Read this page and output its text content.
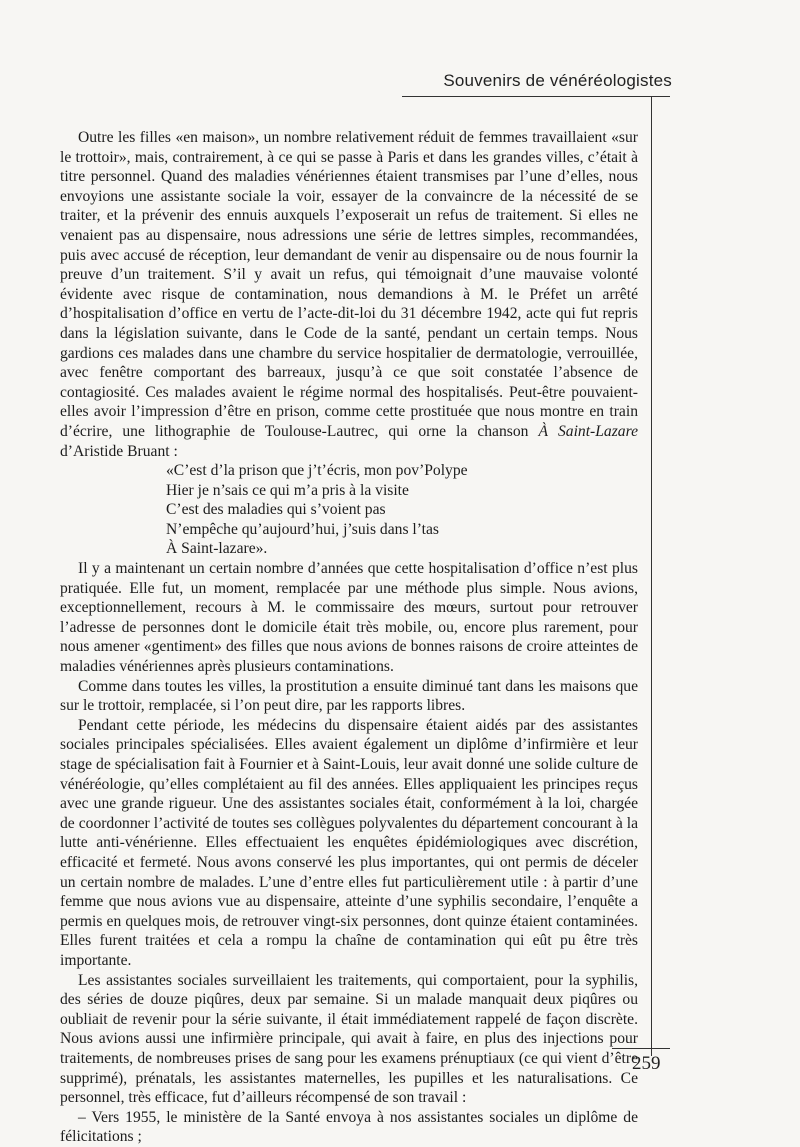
Souvenirs de vénéréologistes

Outre les filles «en maison», un nombre relativement réduit de femmes travaillaient «sur le trottoir», mais, contrairement, à ce qui se passe à Paris et dans les grandes villes, c’était à titre personnel. Quand des maladies vénériennes étaient transmises par l’une d’elles, nous envoyions une assistante sociale la voir, essayer de la convaincre de la nécessité de se traiter, et la prévenir des ennuis auxquels l’exposerait un refus de traitement. Si elles ne venaient pas au dispensaire, nous adressions une série de lettres simples, recommandées, puis avec accusé de réception, leur demandant de venir au dispensaire ou de nous fournir la preuve d’un traitement. S’il y avait un refus, qui témoignait d’une mauvaise volonté évidente avec risque de contamination, nous demandions à M. le Préfet un arrêté d’hospitalisation d’office en vertu de l’acte-dit-loi du 31 décembre 1942, acte qui fut repris dans la législation suivante, dans le Code de la santé, pendant un certain temps. Nous gardions ces malades dans une chambre du service hospitalier de dermatologie, verrouillée, avec fenêtre comportant des barreaux, jusqu’à ce que soit constatée l’absence de contagiosité. Ces malades avaient le régime normal des hospitalisés. Peut-être pouvaient-elles avoir l’impression d’être en prison, comme cette prostituée que nous montre en train d’écrire, une lithographie de Toulouse-Lautrec, qui orne la chanson À Saint-Lazare d’Aristide Bruant :

«C’est d’la prison que j’t’écris, mon pov’Polype
Hier je n’sais ce qui m’a pris à la visite
C’est des maladies qui s’voient pas
N’empêche qu’aujourd’hui, j’suis dans l’tas
À Saint-lazare».

Il y a maintenant un certain nombre d’années que cette hospitalisation d’office n’est plus pratiquée. Elle fut, un moment, remplacée par une méthode plus simple. Nous avions, exceptionnellement, recours à M. le commissaire des mœurs, surtout pour retrouver l’adresse de personnes dont le domicile était très mobile, ou, encore plus rarement, pour nous amener «gentiment» des filles que nous avions de bonnes raisons de croire atteintes de maladies vénériennes après plusieurs contaminations.

Comme dans toutes les villes, la prostitution a ensuite diminué tant dans les maisons que sur le trottoir, remplacée, si l’on peut dire, par les rapports libres.

Pendant cette période, les médecins du dispensaire étaient aidés par des assistantes sociales principales spécialisées. Elles avaient également un diplôme d’infirmière et leur stage de spécialisation fait à Fournier et à Saint-Louis, leur avait donné une solide culture de vénéréologie, qu’elles complétaient au fil des années. Elles appliquaient les principes reçus avec une grande rigueur. Une des assistantes sociales était, conformément à la loi, chargée de coordonner l’activité de toutes ses collègues polyvalentes du département concourant à la lutte anti-vénérienne. Elles effectuaient les enquêtes épidémiologiques avec discrétion, efficacité et fermeté. Nous avons conservé les plus importantes, qui ont permis de déceler un certain nombre de malades. L’une d’entre elles fut particulièrement utile : à partir d’une femme que nous avions vue au dispensaire, atteinte d’une syphilis secondaire, l’enquête a permis en quelques mois, de retrouver vingt-six personnes, dont quinze étaient contaminées. Elles furent traitées et cela a rompu la chaîne de contamination qui eût pu être très importante.

Les assistantes sociales surveillaient les traitements, qui comportaient, pour la syphilis, des séries de douze piqûres, deux par semaine. Si un malade manquait deux piqûres ou oubliait de revenir pour la série suivante, il était immédiatement rappelé de façon discrète. Nous avions aussi une infirmière principale, qui avait à faire, en plus des injections pour traitements, de nombreuses prises de sang pour les examens prénuptiaux (ce qui vient d’être supprimé), prénatals, les assistantes maternelles, les pupilles et les naturalisations. Ce personnel, très efficace, fut d’ailleurs récompensé de son travail :

– Vers 1955, le ministère de la Santé envoya à nos assistantes sociales un diplôme de félicitations ;

259
